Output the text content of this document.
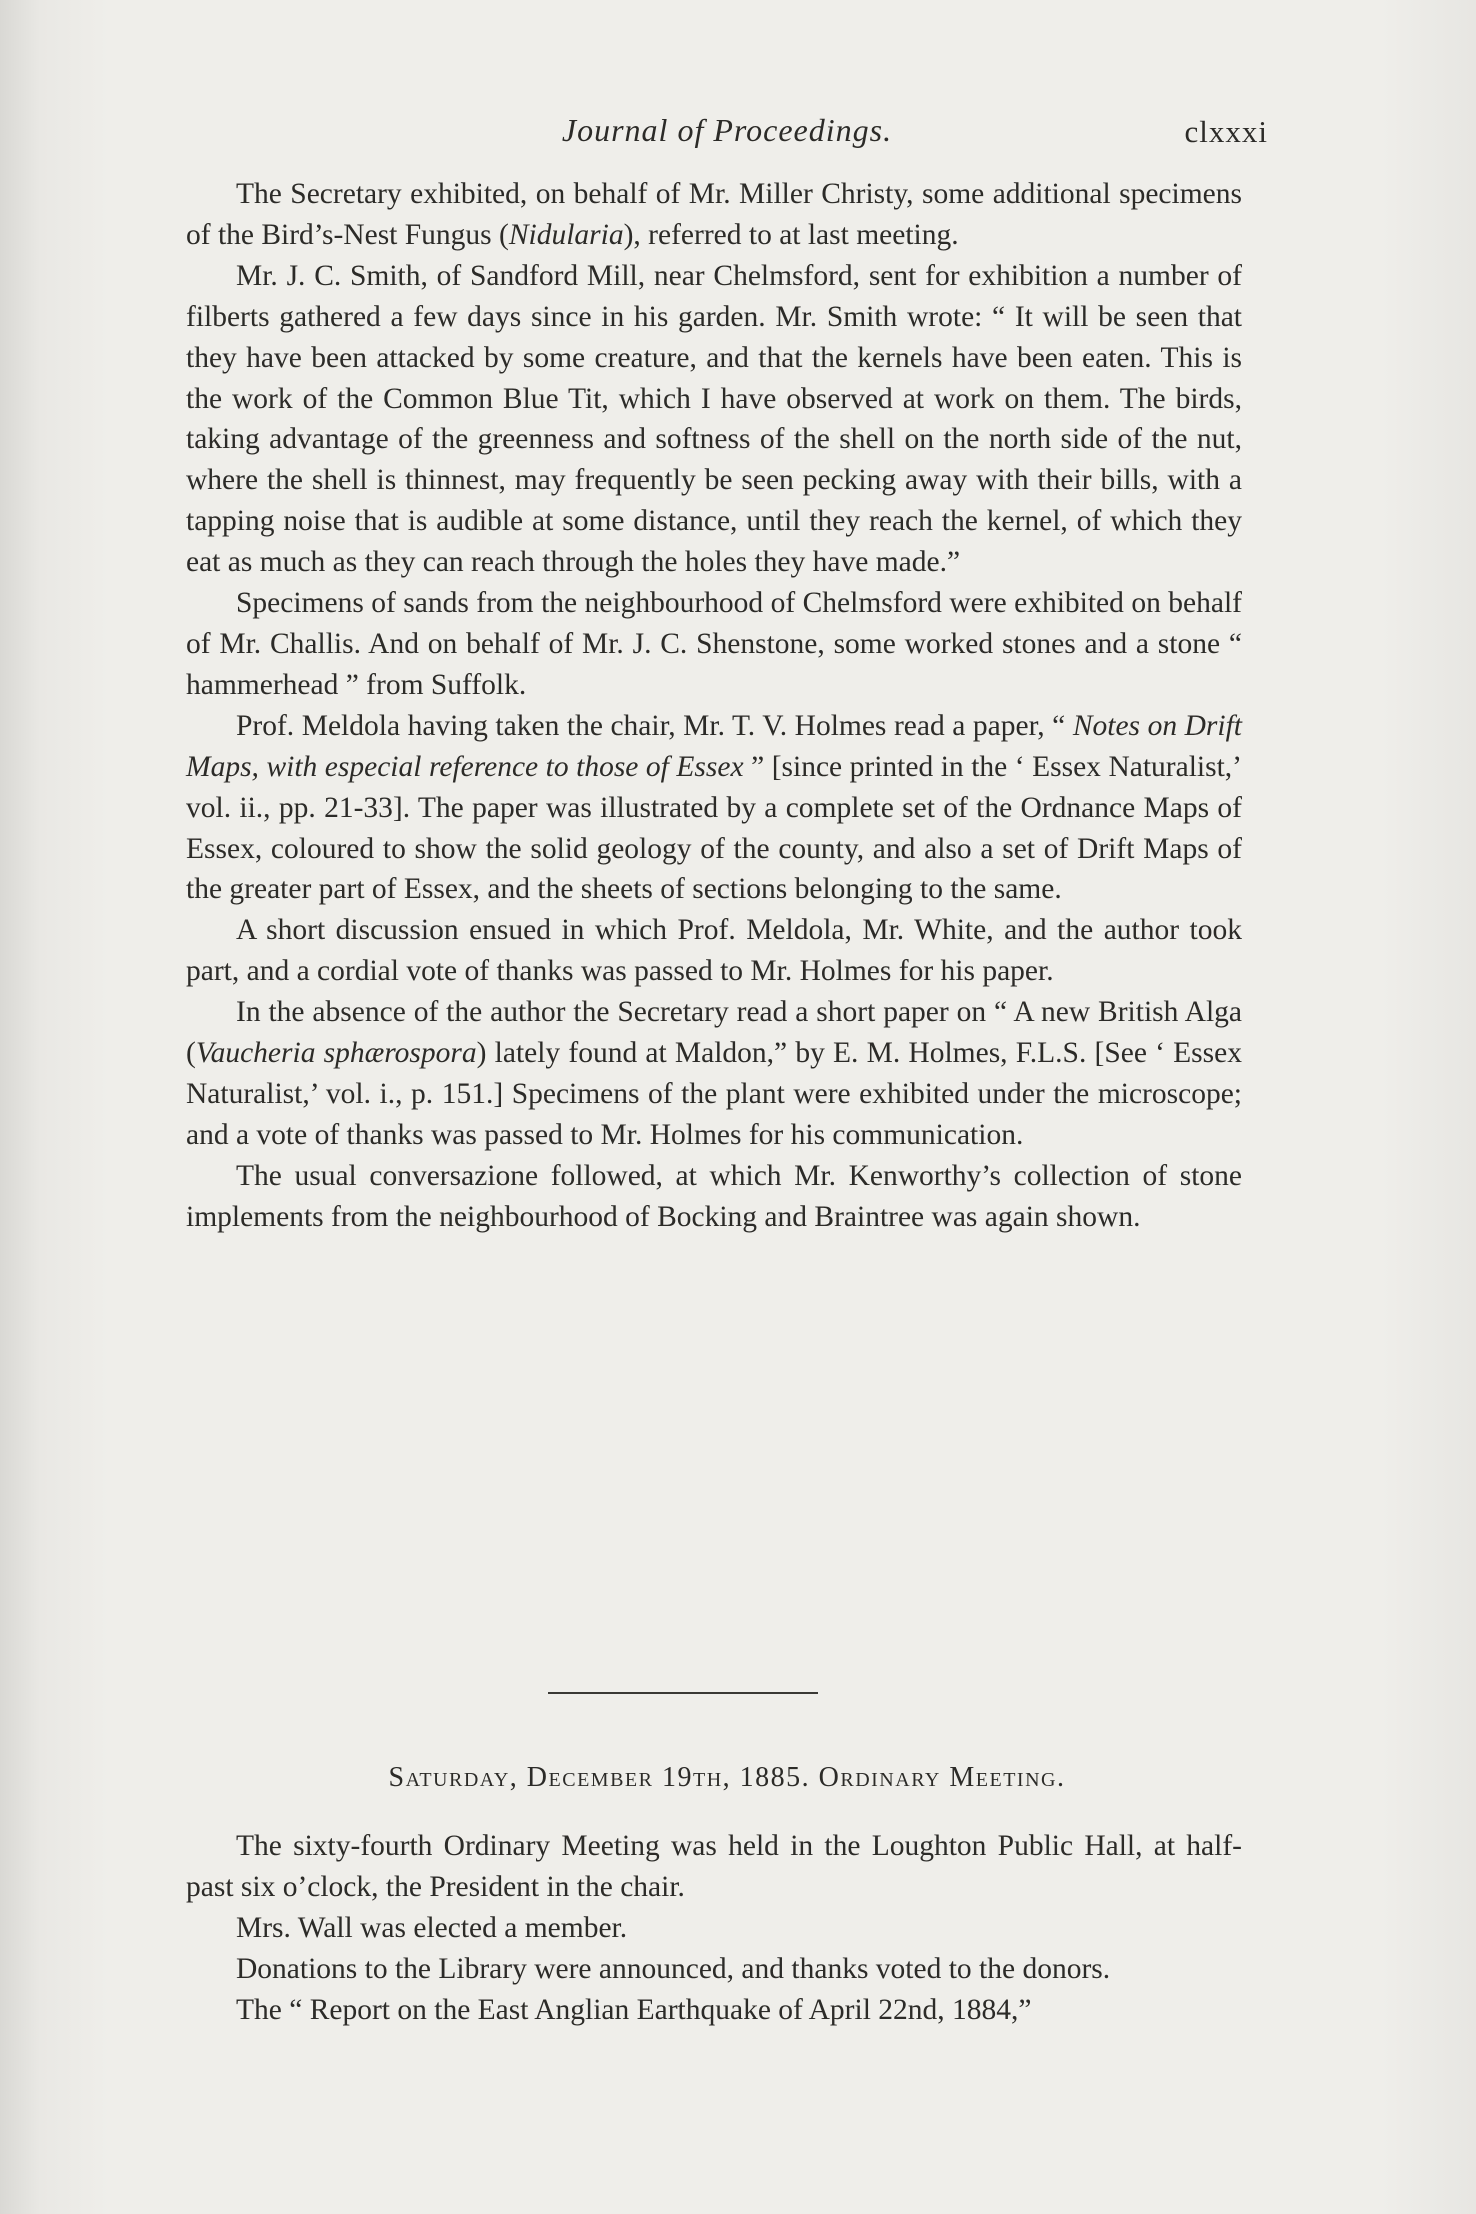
Journal of Proceedings.	clxxxi

The Secretary exhibited, on behalf of Mr. Miller Christy, some additional specimens of the Bird’s-Nest Fungus (Nidularia), referred to at last meeting.

Mr. J. C. Smith, of Sandford Mill, near Chelmsford, sent for exhibition a number of filberts gathered a few days since in his garden. Mr. Smith wrote: “ It will be seen that they have been attacked by some creature, and that the kernels have been eaten. This is the work of the Common Blue Tit, which I have observed at work on them. The birds, taking advantage of the greenness and softness of the shell on the north side of the nut, where the shell is thinnest, may frequently be seen pecking away with their bills, with a tapping noise that is audible at some distance, until they reach the kernel, of which they eat as much as they can reach through the holes they have made.”

Specimens of sands from the neighbourhood of Chelmsford were exhibited on behalf of Mr. Challis. And on behalf of Mr. J. C. Shenstone, some worked stones and a stone “ hammerhead ” from Suffolk.

Prof. Meldola having taken the chair, Mr. T. V. Holmes read a paper, “ Notes on Drift Maps, with especial reference to those of Essex ” [since printed in the ‘ Essex Naturalist,’ vol. ii., pp. 21-33]. The paper was illustrated by a complete set of the Ordnance Maps of Essex, coloured to show the solid geology of the county, and also a set of Drift Maps of the greater part of Essex, and the sheets of sections belonging to the same.

A short discussion ensued in which Prof. Meldola, Mr. White, and the author took part, and a cordial vote of thanks was passed to Mr. Holmes for his paper.

In the absence of the author the Secretary read a short paper on “ A new British Alga (Vaucheria sphærospora) lately found at Maldon,” by E. M. Holmes, F.L.S. [See ‘ Essex Naturalist,’ vol. i., p. 151.] Specimens of the plant were exhibited under the microscope; and a vote of thanks was passed to Mr. Holmes for his communication.

The usual conversazione followed, at which Mr. Kenworthy’s collection of stone implements from the neighbourhood of Bocking and Braintree was again shown.

Saturday, December 19th, 1885. Ordinary Meeting.

The sixty-fourth Ordinary Meeting was held in the Loughton Public Hall, at half-past six o’clock, the President in the chair.

Mrs. Wall was elected a member.

Donations to the Library were announced, and thanks voted to the donors.

The “ Report on the East Anglian Earthquake of April 22nd, 1884,”
